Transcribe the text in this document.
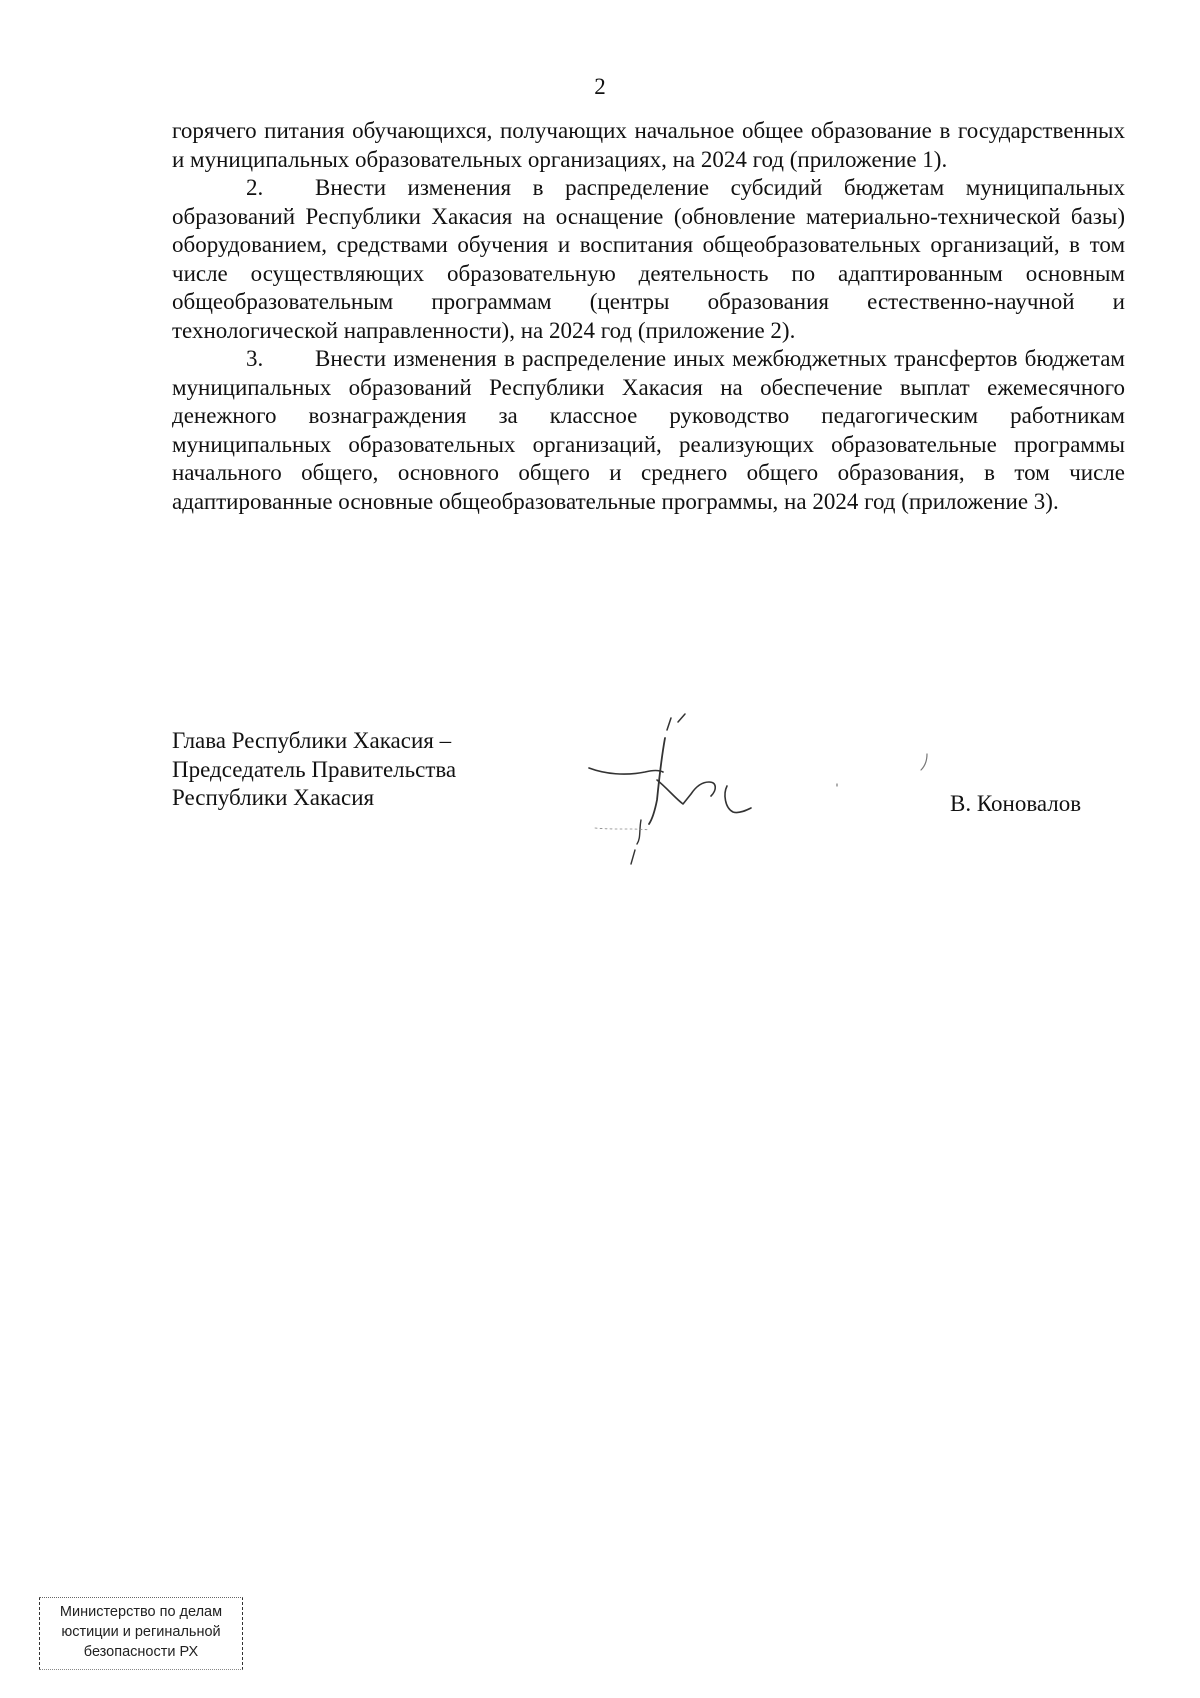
2

горячего питания обучающихся, получающих начальное общее образование в государственных и муниципальных образовательных организациях, на 2024 год (приложение 1).

2. Внести изменения в распределение субсидий бюджетам муниципальных образований Республики Хакасия на оснащение (обновление материально-технической базы) оборудованием, средствами обучения и воспитания общеобразовательных организаций, в том числе осуществляющих образовательную деятельность по адаптированным основным общеобразовательным программам (центры образования естественно-научной и технологической направленности), на 2024 год (приложение 2).

3. Внести изменения в распределение иных межбюджетных трансфертов бюджетам муниципальных образований Республики Хакасия на обеспечение выплат ежемесячного денежного вознаграждения за классное руководство педагогическим работникам муниципальных образовательных организаций, реализующих образовательные программы начального общего, основного общего и среднего общего образования, в том числе адаптированные основные общеобразовательные программы, на 2024 год (приложение 3).

Глава Республики Хакасия –
Председатель Правительства
Республики Хакасия	В. Коновалов
Министерство по делам
юстиции и регинальной
безопасности РХ
